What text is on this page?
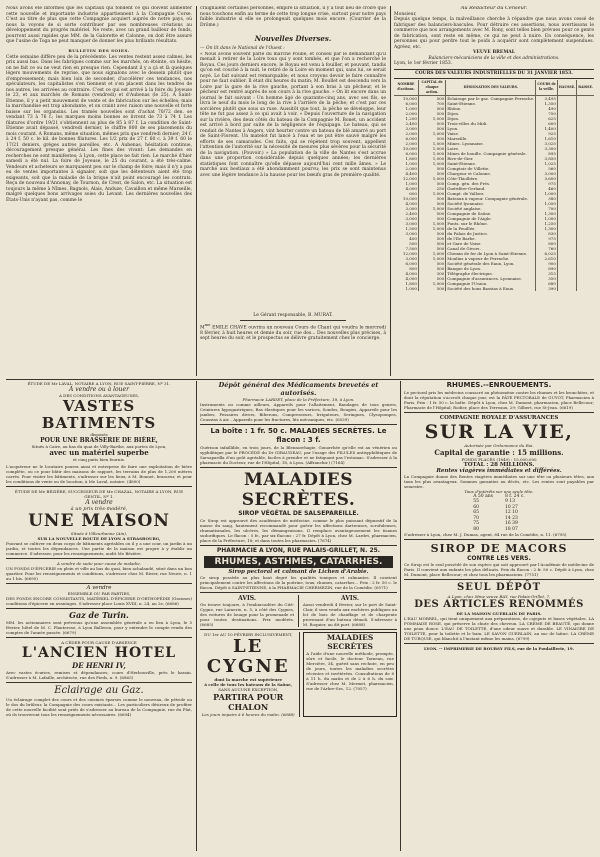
Nous avons été informés que les capitaux qui fondent ce qui doivent alimenter cette nouvelle et importante industrie appartiennent à la Compagnie Corse. C'est au titre de plus que cette Compagnie acquiert auprès de notre pays, où nous la voyons de si sorte contribuer par ses nombreuses créations au développement du progrès matériel. Ne reste, avec un grand bailleur de fonds, pourront aussi rapides que MM. de la Galorette et Calonne, on doit être assuré que l'usine de Toga ne peut manquer de donner les plus brillants résultats.
BULLETIN DES SOIES.
Cette semaine diffère peu de la précédente. Les ventes restent assez calmes, les prix aussi bas. Dans les fabriques comme sur les marchés, on éteinte, on hésite, on ne fait ce ou ne veut rien en presque rien. Cependant il y a çà et là quelques légers mouvements de reprise, que nous signalons avec le dessein plutôt que d'empressement; mais bien loin de seconder, d'accélérer ces tendances, nos spéculateurs, les capitalistes s'en tiennent et s'en placent dans les tendres de nos autres, les arrivées au contraire. C'est ce qui est arrivé à la foire du Joyeuse le 23, et aux marchés de Romans (vendredi) et d'Aubenas (le 25). A Saint-Etienne, il y a petit mouvement de vente et de fabrication sur les échelles; mais la marchandise est trop abondante, et on craint avec raison une nouvelle et forte baisse sur les organsins. Les tramés nouvelles sont d'achat 70/72 den. se vendant 73 à 76 f.; les marques moins bonnes se livrent de 73 à 74 f. Les filatures d'ordre 19/21 s'obtiennent au plus de 85 à 87 f. La condition de Saint-Etienne avait dépassé, vendredi dernier, le chiffre 800 de ses placements du mois courant. A Romans, même situation, mêmes prix que vendredi dernier; 24 f. à 24 f. 50 c. le kil. de bonnes filatures. Les 1/2 prix de 27 f. 60 c. à 39 f. 60 le 17/21 deniers, grèges autres pareilles, etc. A Aubenas, hésitation continue, découragement presque général. Les fines des vivant: Les demandes en recherches ne sont manifestes; à Lyon, cette place ne fait rien. Le marché d'hier samedi a été nul. La foire de Joyeuse, le 25 du courant, a été très-calme. Vendeurs et acheteurs se marquaient peu sur le champ de foire; mais il n'y a pas eu de ventes importantes à signaler, soit que les détenteurs aient été trop exigeants, soit que la maladie de la brique n'ait point encouragé les contrats. Reçu de nouveau d'Annonay, de Tournon, de Crest, de Salon, etc. La situation est toujours la même à Nîmes, Bagnols, Alais, Anduze, Cavaillon et même Marseille, malgré quelques bons arrivages soies du Levant. Les dernières nouvelles des États-Unis n'ayant pas, comme le
craignaient certaines personnes, empiré la situation, il y a tout lieu de croire que nous touchons enfin au terme de cette trop longue crise, surtout pour notre pays faible industrie si elle se prolongeait quelques mois encore. (Courrier de la Drôme.)
Nouvelles Diverses.
— On lit dans le National de l'Ouest :
« Nous avons souvent parlé du marché Poullé, et conseil par le demandant qu'il menait à retirer de la Loire tous qui y sont tombés, et que l'on a recherché le Royau. Ces jours derniers encore, le Royau est venu à fouiller, et pouvant, tandis qu'on est couché à la nuit, le retiré de la Loire en moment qui, sans lui, se serait noyé. Le fait suivant est remarquable; et nous croyons devoir le faire connaître pour ne faut oublier. Il était dix heures du matin; M. Boullet est descendu vers la Loire par la gare de la rive gauche, portant à son bras à un pêcheur, et le pêcheur est rentré auprès de son cours à la rive gauche. » On lit encore dans un journal le fait suivant : Un homme âgé de quarante-cinq ans, avec ses fils, se livra le neuf du mois le long de la rive à l'arrière de la pêche; et c'est par ces sorcières plutôt que sous sa ruse. Aussitôt que tout, la pêche se développe, leur tête ne fut pas assez à ce qui avait à voir. » Depuis l'ouverture de la navigation sur la rivière, des deux côtés du bateau de la Compagnie M. Bonet, un accident est arrivé à bord par suite de la négligence de l'équipage. Le bateau, qui se rendait de Nantes à Angers, vint heurter contre un bateau de blé amarré au port de Saint-Florent. Un matelot fut lancé à l'eau et ne put être sauvé malgré les efforts de ses camarades. Ces faits, qui se répètent trop souvent, appellent l'attention de l'autorité sur la nécessité de mesures plus sévères pour la sécurité de la navigation. (Pouvoir.) » La population de la ville de Nantes s'est accrue dans une proportion considérable depuis quelques années; les dernières statistiques font connaître qu'elle dépasse aujourd'hui cent mille âmes. » Le marché aux bestiaux a été abondamment pourvu; les prix se sont maintenus avec une légère tendance à la hausse pour les bœufs gras de première qualité.
Le Gérant responsable, B. MURAT.
$M^{me}$ EMILE CHAVE ouvrira un nouveau Cours de Chant qui voudra le mercredi 8 février, à huit heures et demie du soir, rue des... Des nouvelles plus précises, à sept heures du soir, et le prospectus se délivre gratuitement chez le concierge.
Au Rédacteur du Censeur.
Monsieur,
Depuis quelque temps, la malveillance cherche à répandre que nous avons cessé de fabriquer des balanciers-bascules. Pour détruire ces assertions, nous avertissons le commerce que nos arrangements avec M. Rony, sont telles bien prévues pour ce genre de fabrication, sont reste en même, ce qui ne peut à nuire. En conséquence, les personnes qui pour perdre tout le poids à acquérir sont complètement suspendues. Agréez, etc.
VEUVE BREMAL
Balanciers-mécaniciens de la ville et des administrations.
Lyon, le 1er février 1853.
COURS DES VALEURS INDUSTRIELLES DU 31 JANVIER 1853.
NOMBRE d'actions.	CAPITAL de chaque action.	DÉSIGNATION DES VALEURS.	COURS de la veille.	HAUSSE.	BAISSE.
10,000	500	Éclairage par le gaz. Compagnie Perrache.	3,495		
6,000	700	Saint-Etienne.	1,350		
1,000	500	Rhône.	490		
2,000	500	Dijon.	750		
1,200	1,000	Dijon.	625		
2,400	500	Trois-villes du Midi.	600		
3,000	500	Lyon.	1,400		
2,000	1,000	Vaise.	925		
6,000	500	Marseille.	1,610		
2,000	1,000	Mines. Lyonnaise.	3,025		
10,000	1,000	Loire.	3,300		
6,000	1,000	Mines de houille. Compagnie générale.	895		
1,800	1,000	Rive-de-Gier.	3,850		
1,000	1,000	Saint-Etienne.	1,025		
2,000	500	Comptoir de Villette.	560		
4,400	500	Chargeur et Calonne.	3,000		
12,000	1,000	Côte-Thiollière.	3,600		
1,000	500	Comp. gén. des Prés.	975		
4,000	250	Guérifère-Gerland.	460		
600	1,000	Compt. de Vallorz.	1,000		
10,000	500	Bateaux à vapeur. Compagnie générale.	380		
4,000	500	Société lyonnaise.	1,050		
3,000	1,000	Société anglaise.	700		
2,400	500	Compagnie de Saône.	1,300		
3,000	500	Compagnie de l'Aigle.	1,000		
3,000	1,000	Ponts. sur le Rhône.	1,250		
1,500	1,000	de la Feuillée.	1,300		
3,000	500	du Palais de Justice.	830		
400	500	de l'Ile Barbe.	975		
500	500	et Gare de Vaise.	800		
7,500	500	Canal de Givors.	760		
12,000	1,000	Chemin de fer de Lyon à Saint-Etienne.	6,025		
3,000	1,000	Moulins à vapeur de Perrache.	2,610		
6,000	500	Société générale des Eaux, Lyon.	900		
800	500	Banque de Lyon.	890		
4,000	300	Télégraphe électrique.	315		
4,000	500	Compagnie d'assurances. Lyonnaise.	350		
1,800	1,000	Compagnie l'Union.	680		
1,000	500	Société des bons Bassins à Eaux.	390		
ÉTUDE DE Mr LAVAL, NOTAIRE A LYON, RUE SAINT-PIERRE, Nº 31.
A vendre ou à louer
A DES CONDITIONS AVANTAGEUSES,
VASTES BATIMENTS
disposés
POUR UNE BRASSERIE DE BIÈRE,
Situés à Caire, au bas du quai de Villy-Barthe, aux portes de Lyon,
avec un matériel superbe
et cinq puits bien fournis.
L'acquéreur ne le locataire pourra ainsi et entreprise de faire une exploitation de bière complète, ou ce pour bâtir des maisons de rapport, les terrains de plus de 1,200 mètres carrés. Pour visiter les bâtiments, s'adresser sur les lieux, à M. Bonnet, brasseur, et pour les conditions de vente ou de location, à Me Laval, notaire. (4800)
ÉTUDE DE Me BÉZIÈRE, SUCCESSEUR DE Me CHAZAL, NOTAIRE A LYON, RUE GENTIL, Nº 1.
A vendre
à un prix très-modéré,
UNE MAISON
Située à Villeurbanne (Ain),
SUR LA NOUVELLE ROUTE DE LYON A STRASBOURG,
Pouvant se cultiver en deux corps de bâtiments agréables ou il y a une cour, un jardin à un jardin, et toutes les dépendances. Une partie de la maison est propre à y établir un commerce. S'adresser, pour les renseignements, audit Me Bézière.
A vendre de suite pour cause de maladie,
UN FONDS D'ÉPICERIE en plein et ville au bas du quai, bien achalandé, situé dans un bon quartier. Pour les renseignements et conditions, s'adresser chez M. Rivier, rue Neuve, n. 1 au 1 bis. (6695)
A vendre
ENSEMBLE OU PAR PARTIES,
DES FONDS ENCORE CONSISTANTS, MATÉRIEL D'ÉPICERIE D'ORTHOPÉDIE (Graisses) conditions d'épicerie en avantages. S'adresser place Louis XVIII, n. 24, au 2e, (6686)
Gaz de Turin.
MM. les actionnaires sont prévenus qu'une assemblée générale a eu lieu à Lyon, le 5 février, hôtel de M. C. Planterose, à Lyon Balleron, pour y entendre le compte rendu des comptes de l'année passée. (6679)
A CÉDER POUR CAUSE D'ABSENCE
L'ANCIEN HOTEL
DE HENRI IV,
Avec vastes écuries, remises et dépendances, cours d'Herbouville, près le bassin. S'adresser à M. Lafaille, architecte, rue des Pieds, n. 9. (6865)
Eclairage au Gaz.
Un éclairage complet des cours et des cuisines éparses comme le nouveau, de pétrole ou le dos du brûleur, la Compagnie des cours existants... Les particuliers désireux de profiter de cette nouvelle facilité sont priés de s'adresser au bureau de la Compagnie, rue du Plat, où ils trouveront tous les renseignements nécessaires. (6694)
Dépôt général des Médicaments brevetés et autorisés.
Pharmacie LARDET, place de la Préfecture, 18, à Lyon.
Instruments ou comme ailleurs, Appareils pour l'allaitement, Bandages de tous genres, Ceintures hypogastriques, Bas élastiques pour les varices, Sondes, Bougies, Appareils pour les jambes, Pessaires divers, Biberons, Compresseurs, Irrigateurs, Seringues, Clysopompes, Coussins à air... Appareils pour les fractures, lits mécaniques, etc. (6539)
La boîte : 1 fr. 50 c. MALADIES SECRÈTES. Le flacon : 3 f.
Guérison infaillible, en trois jours, de la Blennorrhagie, Gonorrhée qu'elle est au vénérien ou syphilitique par le PROCÉDÉ du Dr GIRAUDEAU, par l'usage des PILULES antisyphilitiques de Sarsaparilla d'un goût agréable, faciles à prendre et ne fatiguant pas l'estomac. S'adresser à la pharmacie du Docteur, rue de l'Hôpital, 18, à Lyon. (Affranchir.) (7164)
MALADIES SECRÈTES.
SIROP VÉGÉTAL DE SALSEPAREILLE.
Ce Sirop est approuvé des académies de médecine, comme le plus puissant dépuratif de la masse du sang, hautement recommandé pour guérir les affections dartreuses, scrofuleuses, rhumatismales, les ulcères, les démangeaisons. Il remplace avantageusement les tisanes sudorifiques. Le flacon : 5 fr., par six flacons : 27 fr. Dépôt à Lyon, chez M. Lardet, pharmacien, place de la Préfecture, 18; et dans toutes les pharmacies. (7674)
PHARMACIE A LYON, RUE PALAIS-GRILLET, N. 25.
RHUMES, ASTHMES, CATARRHES.
Sirop pectoral et calmant de Lichen d'Arabie.
Ce sirop possède au plus haut degré les qualités toniques et calmantes. Il convient principalement contre les affections de la poitrine, toux, rhumes, catarrhes... Prix : 2 fr. 50 c. le flacon. Dépôt à SAINT-ETIENNE, à la PHARMACIE CHERMEZIN, rue de la Comédie. (6571)
AVIS.
On trouve toujours, à l'embarcadère du Cité-Cygne, rue Lainerie, n. 5, à côté des Cygnes, des voitures de louage pour la promenade et pour toutes destinations. Prix modérés. (6685)
AVIS.
Aussi vendredi 4 février, sur le port de Saint-Clair, il sera vendu aux enchères publiques un lot de bois de chauffage et de charpente provenant d'un bateau démoli. S'adresser à M. Roquier, au dit port. (6688)
DU 1er AU 10 FÉVRIER INCLUSIVEMENT,
LE CYGNE
dont la marche est supérieure
à celle de tous les bateaux de la Saône,
SANS AUCUNE EXCEPTION,
PARTIRA POUR CHALON
Les jours impairs à 6 heures du matin. (6688)
MALADIES SECRÈTES
A l'aide d'une nouvelle méthode, prompte, sûre et facile, le docteur Tarneau, rue Mercière, 34, guérit sans rechute, en peu de jours, toutes les maladies secrètes récentes et invétérées. Consultations de 8 à 11 h. du matin et de 2 à 6 h. du soir. S'adresser chez M. Mermet, pharmacien, rue de l'Arbre-Sec, 12. (7057)
RHUMES.--ENROUEMENTS.
Le pectoral pris les médecins consacré au phénomène contre les rhumes et les bronchites, et dont la réputation s'accroît chaque jour, est la PÂTE PECTORALE de GUYOT, Pharmacien à Paris. Prix : 1 fr. 50 c. la boîte. Dépôt à Lyon, chez M. Dumont, pharmacien, place Bellecour; Pharmacie de l'Hôpital; Rodier, place des Terreaux, 29; Gilbert, rue St-Jean. (6619)
COMPAGNIE ROYALE D'ASSURANCES
SUR LA VIE,
Autorisée par Ordonnance du Roi.
Capital de garantie : 15 millions.
FONDS PLACÉS (1849) : 15,000,000
TOTAL : 28 MILLIONS.
Rentes viagères immédiates et différées.
La Compagnie donne des Rentes viagères immédiates sur une tête ou plusieurs têtes, aux taux les plus avantageux. Sommes garanties au décès, etc. Les rentes sont payables par semestre.
Taux d'intérêts sur une seule tête.
A 50 ans	8 f. 24 c.
55	9 13
60	10 27
65	12 10
70	14 23
75	16 39
80	18 07
S'adresser à Lyon, chez M. J. Dumas, agent, 64 rue de la Comédie, n. 11. (6795)
SIROP DE MACORS
CONTRE LES VERS.
Ce Sirop est le seul possédé de son espèce qui soit approuvé par l'Académie de médecine de Paris. Il convient aux enfants les plus délicats. Prix du flacon : 2 fr. 50 c. Dépôt à Lyon, chez M. Dumont, place Bellecour; et chez tous les pharmaciens. (7751)
SEUL DÉPÔT
A Lyon, chez Mme veuve BAY, rue Palais-Grillet, 7,
DES ARTICLES RENOMMÉS
DE LA MAISON GUERLAIN DE PARIS.
L'EAU MORREL, qui tient uniquement aux préparations, de cajeputs et bases végétales. LA POMMADE ROSE, qui préserve la chute des cheveux. LA CRÈME DE BEAUTÉ, qui donne une peau douce. L'EAU DE TOILETTE, d'une odeur suave et durable. LE VINAIGRE DE TOILETTE, pour la toilette et le bain. LE SAVON GUERLAIN, au suc de laitue. LA CRÈME DE TURQUIE, qui blanchit à l'instant même les mains. (6799)
LYON. -- IMPRIMERIE DE BOURSY FILS, rue de la Poulaillerie, 19.
